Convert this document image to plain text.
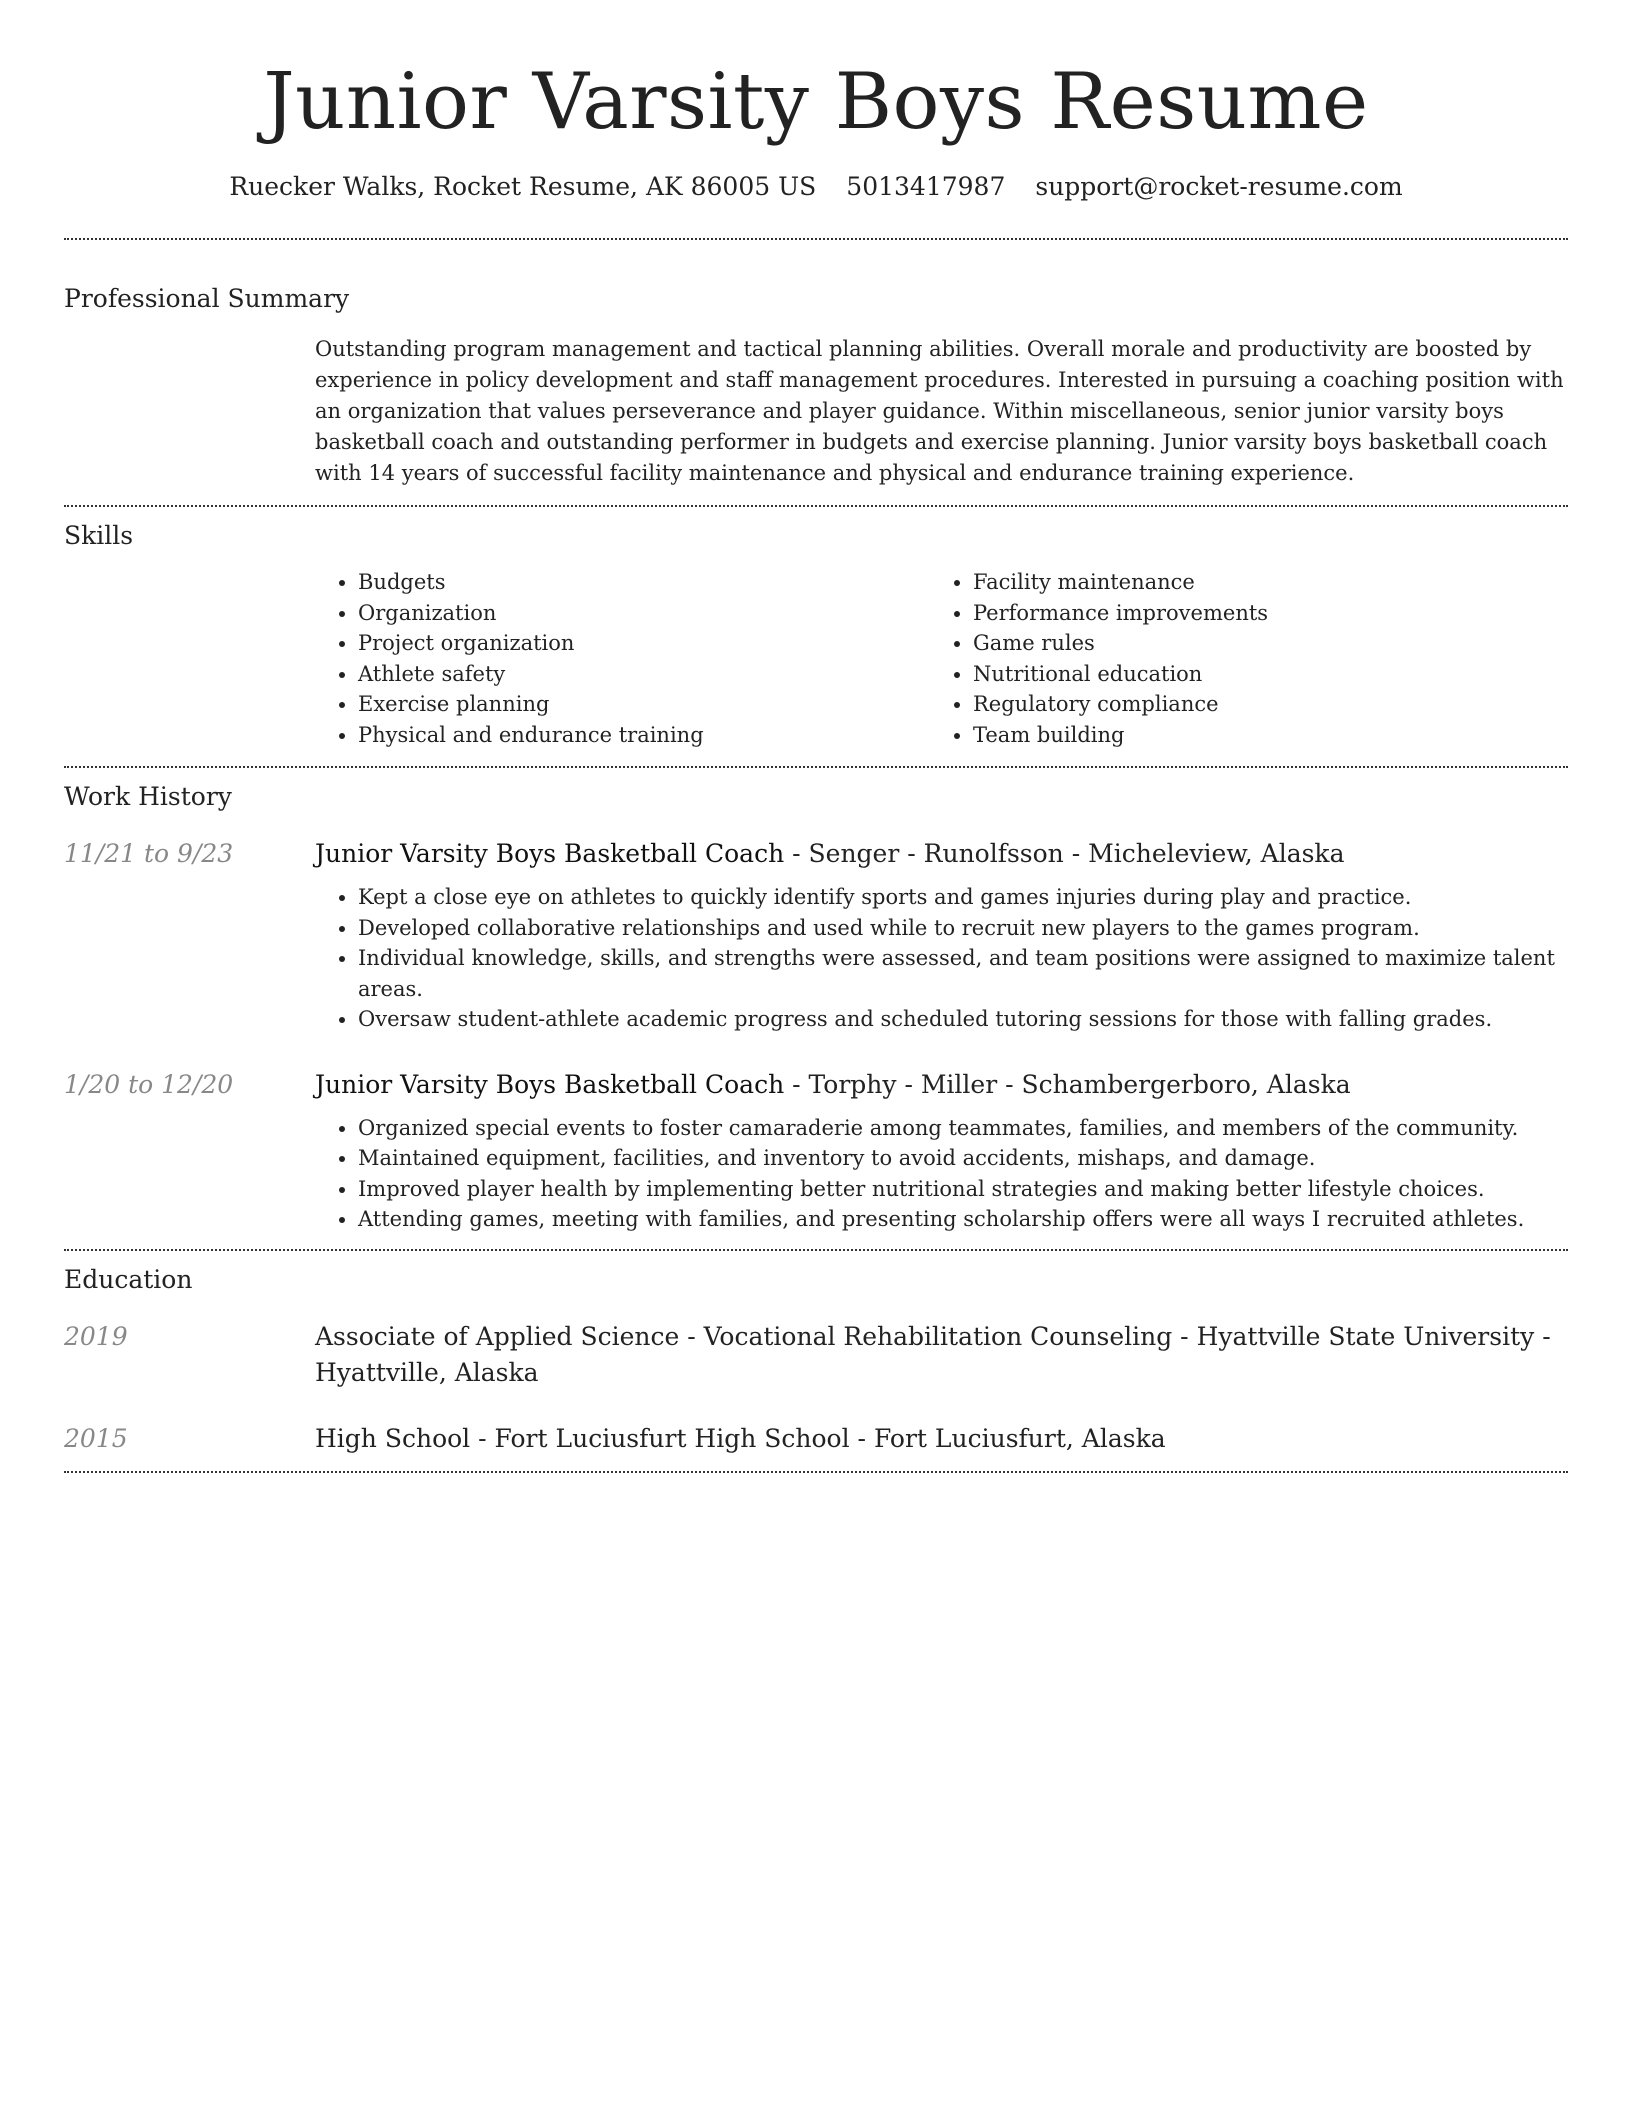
Junior Varsity Boys Resume
Ruecker Walks, Rocket Resume, AK 86005 US 5013417987 support@rocket-resume.com
Professional Summary
Outstanding program management and tactical planning abilities. Overall morale and productivity are boosted by experience in policy development and staff management procedures. Interested in pursuing a coaching position with an organization that values perseverance and player guidance. Within miscellaneous, senior junior varsity boys basketball coach and outstanding performer in budgets and exercise planning. Junior varsity boys basketball coach with 14 years of successful facility maintenance and physical and endurance training experience.
Skills
• Budgets
• Organization
• Project organization
• Athlete safety
• Exercise planning
• Physical and endurance training
• Facility maintenance
• Performance improvements
• Game rules
• Nutritional education
• Regulatory compliance
• Team building
Work History
11/21 to 9/23	Junior Varsity Boys Basketball Coach - Senger - Runolfsson - Micheleview, Alaska
• Kept a close eye on athletes to quickly identify sports and games injuries during play and practice.
• Developed collaborative relationships and used while to recruit new players to the games program.
• Individual knowledge, skills, and strengths were assessed, and team positions were assigned to maximize talent areas.
• Oversaw student-athlete academic progress and scheduled tutoring sessions for those with falling grades.
1/20 to 12/20	Junior Varsity Boys Basketball Coach - Torphy - Miller - Schambergerboro, Alaska
• Organized special events to foster camaraderie among teammates, families, and members of the community.
• Maintained equipment, facilities, and inventory to avoid accidents, mishaps, and damage.
• Improved player health by implementing better nutritional strategies and making better lifestyle choices.
• Attending games, meeting with families, and presenting scholarship offers were all ways I recruited athletes.
Education
2019	Associate of Applied Science - Vocational Rehabilitation Counseling - Hyattville State University - Hyattville, Alaska
2015	High School - Fort Luciusfurt High School - Fort Luciusfurt, Alaska
